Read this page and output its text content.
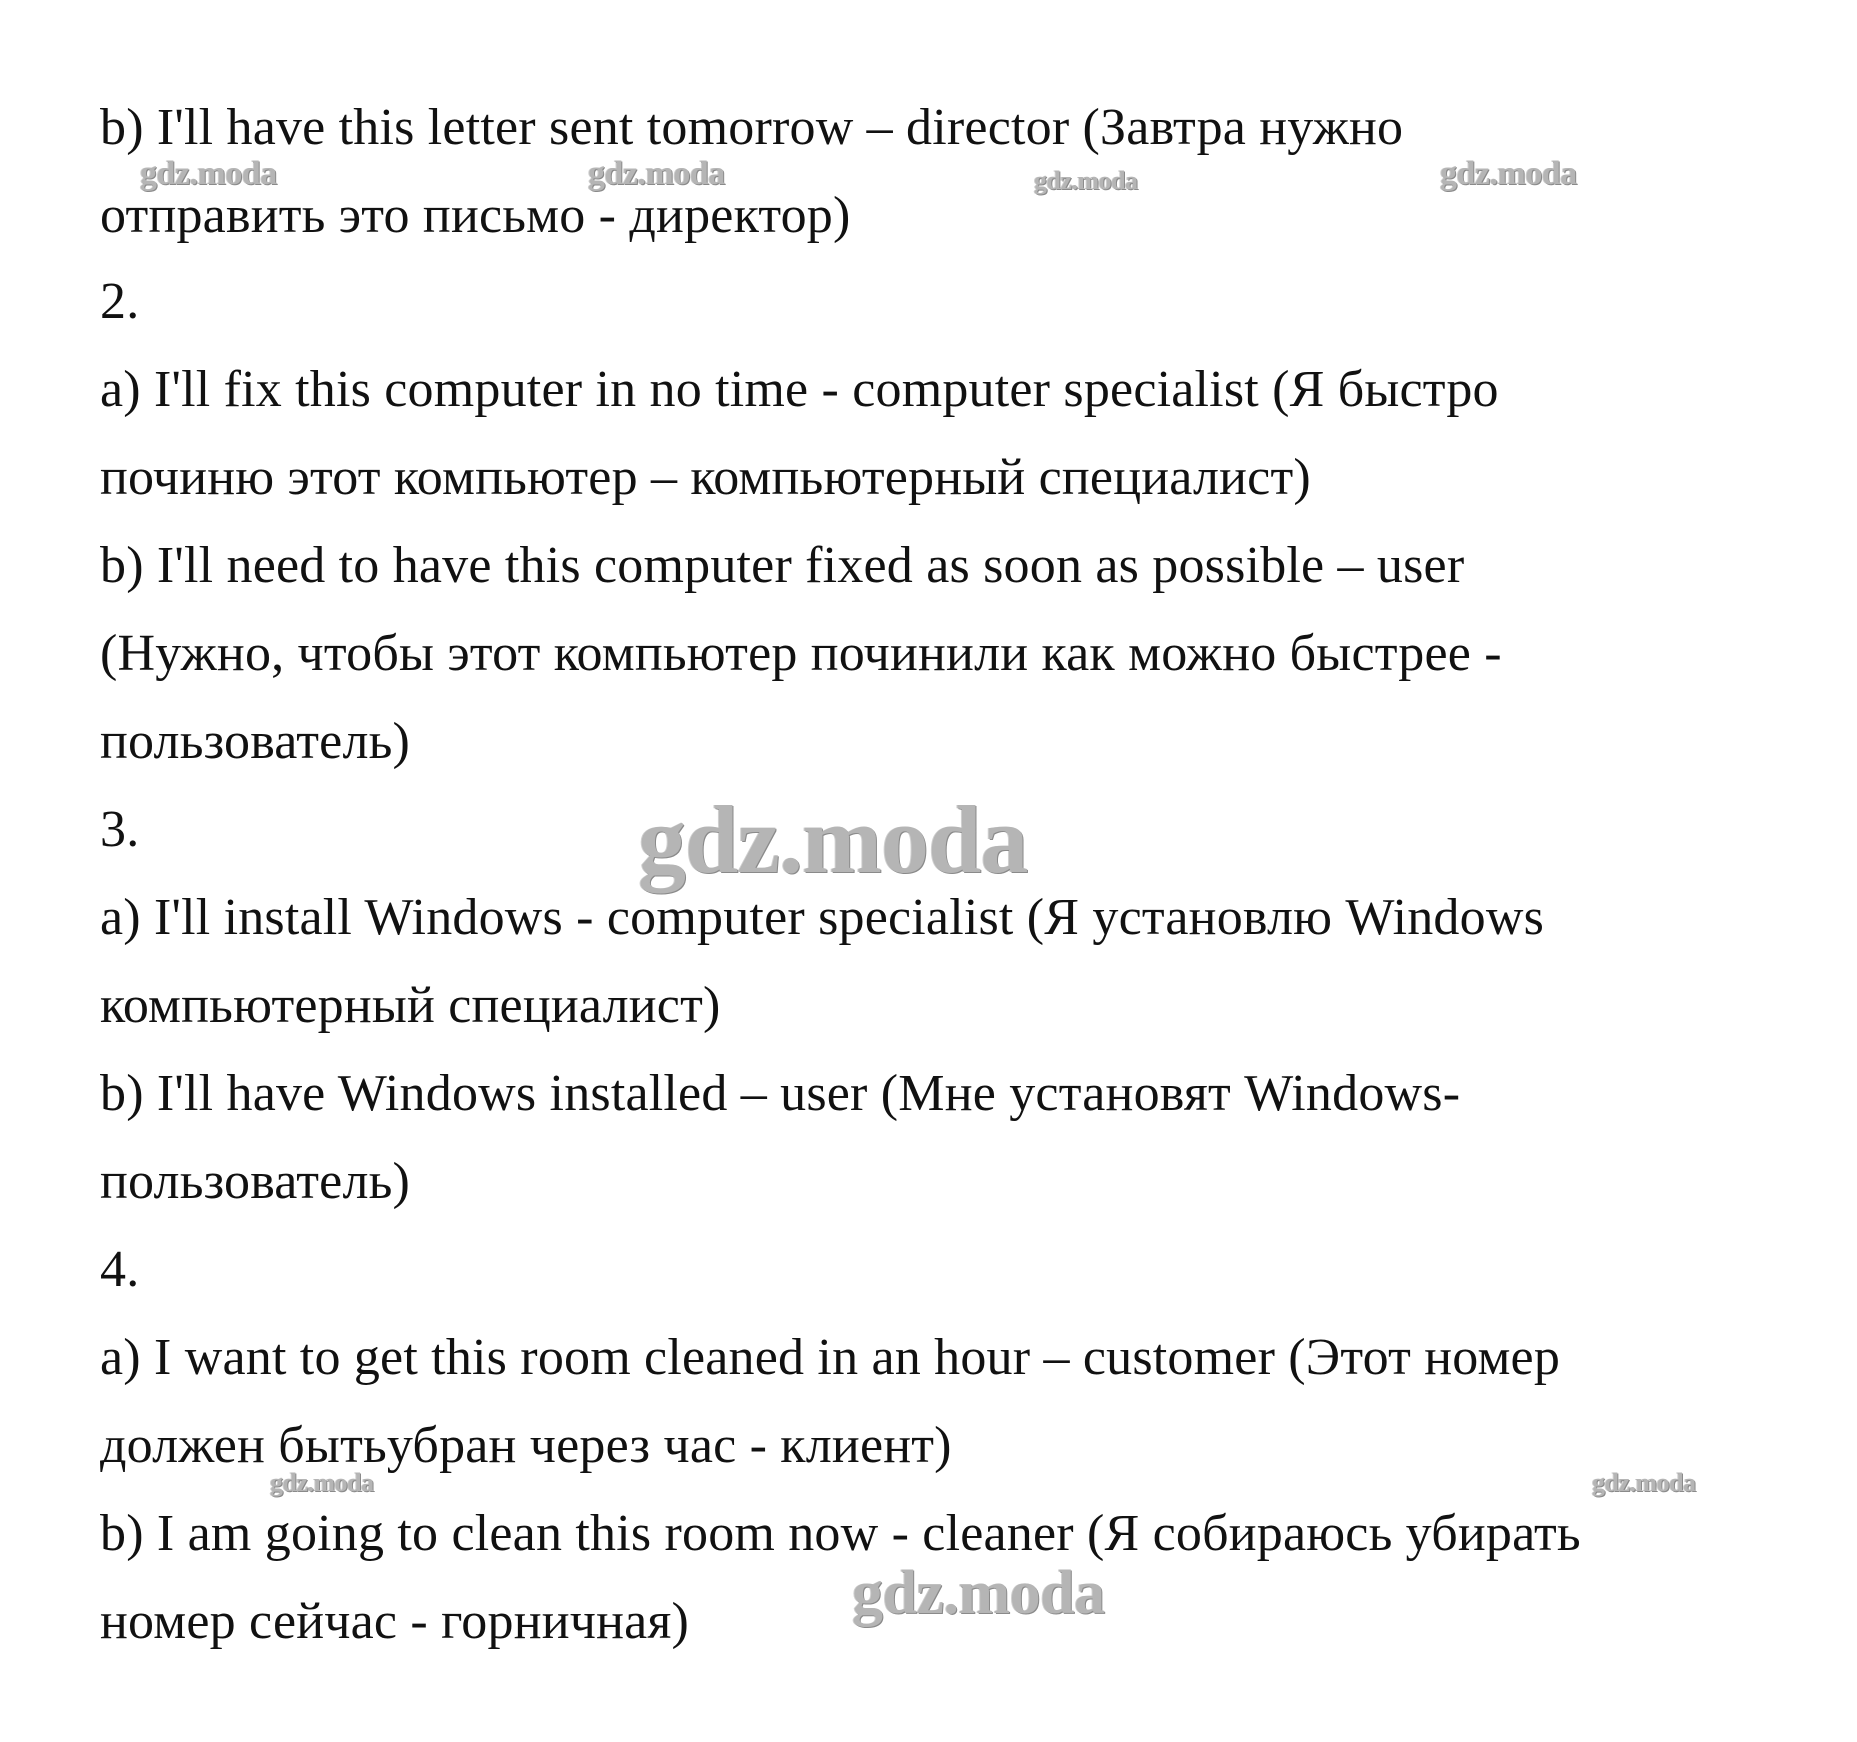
b) I'll have this letter sent tomorrow – director (Завтра нужно
отправить это письмо - директор)
2.
a) I'll fix this computer in no time - computer specialist (Я быстро
починю этот компьютер – компьютерный специалист)
b) I'll need to have this computer fixed as soon as possible – user
(Нужно, чтобы этот компьютер починили как можно быстрее -
пользователь)
3.
a) I'll install Windows - computer specialist (Я установлю Windows
компьютерный специалист)
b) I'll have Windows installed – user (Мне установят Windows-
пользователь)
4.
a) I want to get this room cleaned in an hour – customer (Этот номер
должен бытьубран через час - клиент)
b) I am going to clean this room now - cleaner (Я собираюсь убирать
номер сейчас - горничная)
gdz.moda	gdz.moda	gdz.moda	gdz.moda
gdz.moda
gdz.moda	gdz.moda
gdz.moda
